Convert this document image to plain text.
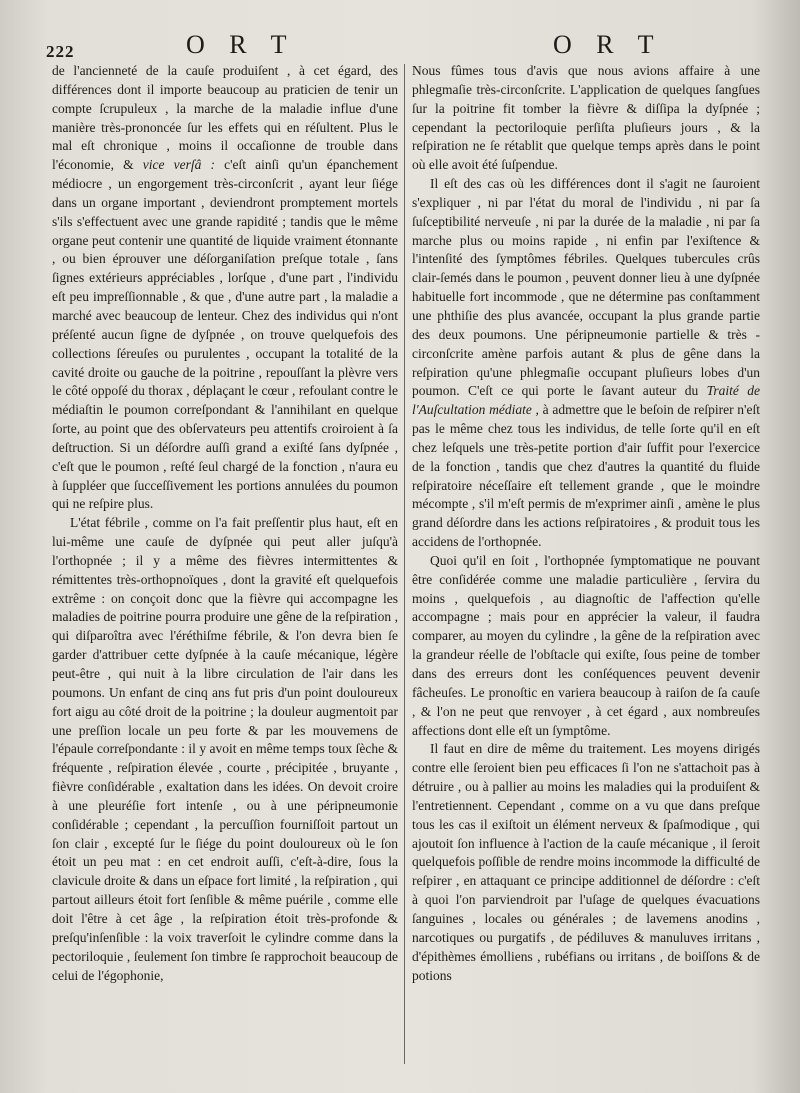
222	O R T	O R T

de l'ancienneté de la cauſe produiſent , à cet égard, des différences dont il importe beaucoup au praticien de tenir un compte ſcrupuleux , la marche de la maladie influe d'une manière très-prononcée ſur les effets qui en réſultent. Plus le mal eſt chronique , moins il occaſionne de trouble dans l'économie, & vice verſâ : c'eſt ainſi qu'un épanchement médiocre , un engorgement très-circonſcrit , ayant leur ſiége dans un organe important , deviendront promptement mortels s'ils s'effectuent avec une grande rapidité ; tandis que le même organe peut contenir une quantité de liquide vraiment étonnante , ou bien éprouver une déſorganiſation preſque totale , ſans ſignes extérieurs appréciables , lorſque , d'une part , l'individu eſt peu impreſſionnable , & que , d'une autre part , la maladie a marché avec beaucoup de lenteur. Chez des individus qui n'ont préſenté aucun ſigne de dyſpnée , on trouve quelquefois des collections ſéreuſes ou purulentes , occupant la totalité de la cavité droite ou gauche de la poitrine , repouſſant la plèvre vers le côté oppoſé du thorax , déplaçant le cœur , refoulant contre le médiaſtin le poumon correſpondant & l'annihilant en quelque ſorte, au point que des obſervateurs peu attentifs croiroient à ſa deſtruction. Si un déſordre auſſi grand a exiſté ſans dyſpnée , c'eſt que le poumon , reſté ſeul chargé de la fonction , n'aura eu à ſuppléer que ſucceſſivement les portions annulées du poumon qui ne reſpire plus.

L'état fébrile , comme on l'a fait preſſentir plus haut, eſt en lui-même une cauſe de dyſpnée qui peut aller juſqu'à l'orthopnée ; il y a même des fièvres intermittentes & rémittentes très-orthopnoïques , dont la gravité eſt quelquefois extrême : on conçoit donc que la fièvre qui accompagne les maladies de poitrine pourra produire une gêne de la reſpiration , qui diſparoîtra avec l'éréthiſme fébrile, & l'on devra bien ſe garder d'attribuer cette dyſpnée à la cauſe mécanique, légère peut-être , qui nuit à la libre circulation de l'air dans les poumons. Un enfant de cinq ans fut pris d'un point douloureux fort aigu au côté droit de la poitrine ; la douleur augmentoit par une preſſion locale un peu forte & par les mouvemens de l'épaule correſpondante : il y avoit en même temps toux ſèche & fréquente , reſpiration élevée , courte , précipitée , bruyante , fièvre conſidérable , exaltation dans les idées. On devoit croire à une pleuréſie fort intenſe , ou à une péripneumonie conſidérable ; cependant , la percuſſion fourniſſoit partout un ſon clair , excepté ſur le ſiége du point douloureux où le ſon étoit un peu mat : en cet endroit auſſi, c'eſt-à-dire, ſous la clavicule droite & dans un eſpace fort limité , la reſpiration , qui partout ailleurs étoit fort ſenſible & même puérile , comme elle doit l'être à cet âge , la reſpiration étoit très-profonde & preſqu'inſenſible : la voix traverſoit le cylindre comme dans la pectoriloquie , ſeulement ſon timbre ſe rapprochoit beaucoup de celui de l'égophonie,

Nous fûmes tous d'avis que nous avions affaire à une phlegmaſie très-circonſcrite. L'application de quelques ſangſues ſur la poitrine fit tomber la fièvre & diſſipa la dyſpnée ; cependant la pectoriloquie perſiſta pluſieurs jours , & la reſpiration ne ſe rétablit que quelque temps après dans le point où elle avoit été ſuſpendue.

Il eſt des cas où les différences dont il s'agit ne ſauroient s'expliquer , ni par l'état du moral de l'individu , ni par ſa ſuſceptibilité nerveuſe , ni par la durée de la maladie , ni par ſa marche plus ou moins rapide , ni enfin par l'exiſtence & l'intenſité des ſymptômes fébriles. Quelques tubercules crûs clair-ſemés dans le poumon , peuvent donner lieu à une dyſpnée habituelle fort incommode , que ne détermine pas conſtamment une phthiſie des plus avancée, occupant la plus grande partie des deux poumons. Une péripneumonie partielle & très - circonſcrite amène parfois autant & plus de gêne dans la reſpiration qu'une phlegmaſie occupant pluſieurs lobes d'un poumon. C'eſt ce qui porte le ſavant auteur du Traité de l'Auſcultation médiate , à admettre que le beſoin de reſpirer n'eſt pas le même chez tous les individus, de telle ſorte qu'il en eſt chez leſquels une très-petite portion d'air ſuffit pour l'exercice de la fonction , tandis que chez d'autres la quantité du fluide reſpiratoire néceſſaire eſt tellement grande , que le moindre mécompte , s'il m'eſt permis de m'exprimer ainſi , amène le plus grand déſordre dans les actions reſpiratoires , & produit tous les accidens de l'orthopnée.

Quoi qu'il en ſoit , l'orthopnée ſymptomatique ne pouvant être conſidérée comme une maladie particulière , ſervira du moins , quelquefois , au diagnoſtic de l'affection qu'elle accompagne ; mais pour en apprécier la valeur, il faudra comparer, au moyen du cylindre , la gêne de la reſpiration avec la grandeur réelle de l'obſtacle qui exiſte, ſous peine de tomber dans des erreurs dont les conſéquences peuvent devenir fâcheuſes. Le pronoſtic en variera beaucoup à raiſon de ſa cauſe , & l'on ne peut que renvoyer , à cet égard , aux nombreuſes affections dont elle eſt un ſymptôme.

Il faut en dire de même du traitement. Les moyens dirigés contre elle ſeroient bien peu efficaces ſi l'on ne s'attachoit pas à détruire , ou à pallier au moins les maladies qui la produiſent & l'entretiennent. Cependant , comme on a vu que dans preſque tous les cas il exiſtoit un élément nerveux & ſpaſmodique , qui ajoutoit ſon influence à l'action de la cauſe mécanique , il ſeroit quelquefois poſſible de rendre moins incommode la difficulté de reſpirer , en attaquant ce principe additionnel de déſordre : c'eſt à quoi l'on parviendroit par l'uſage de quelques évacuations ſanguines , locales ou générales ; de lavemens anodins , narcotiques ou purgatifs , de pédiluves & manuluves irritans , d'épithèmes émolliens , rubéfians ou irritans , de boiſſons & de potions
